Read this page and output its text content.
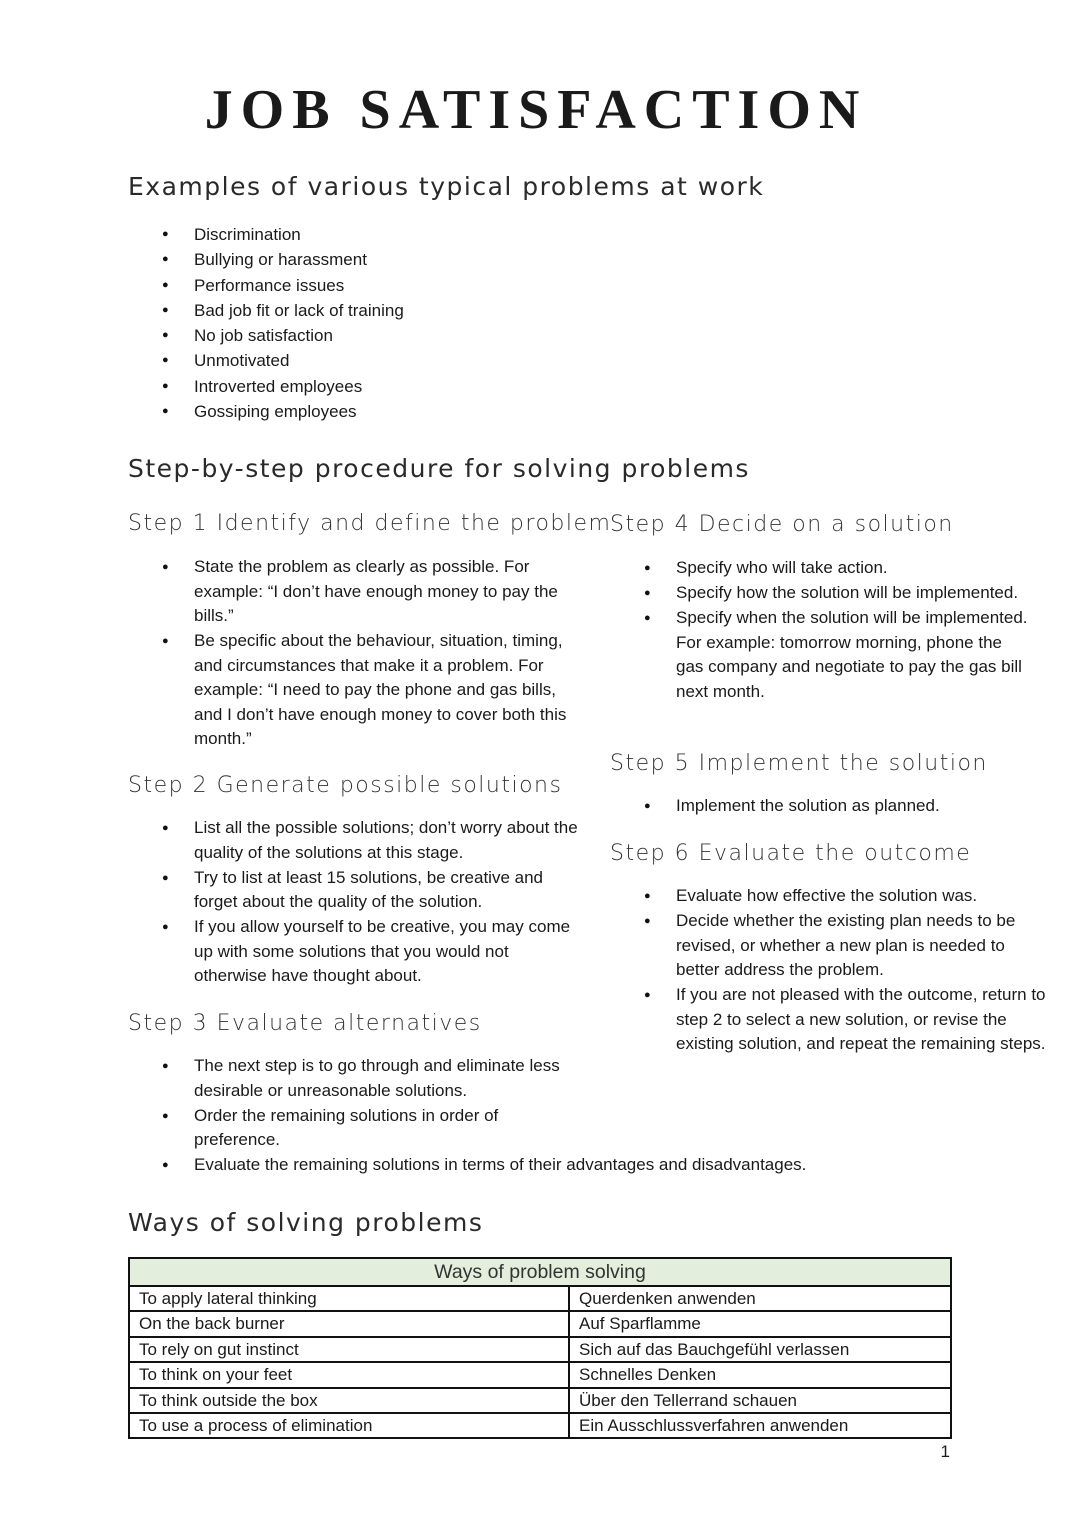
JOB SATISFACTION
Examples of various typical problems at work
● Discrimination
● Bullying or harassment
● Performance issues
● Bad job fit or lack of training
● No job satisfaction
● Unmotivated
● Introverted employees
● Gossiping employees
Step-by-step procedure for solving problems
Step 1 Identify and define the problem
● State the problem as clearly as possible. For example: “I don’t have enough money to pay the bills.”
● Be specific about the behaviour, situation, timing, and circumstances that make it a problem. For example: “I need to pay the phone and gas bills, and I don’t have enough money to cover both this month.”
Step 2 Generate possible solutions
● List all the possible solutions; don’t worry about the quality of the solutions at this stage.
● Try to list at least 15 solutions, be creative and forget about the quality of the solution.
● If you allow yourself to be creative, you may come up with some solutions that you would not otherwise have thought about.
Step 3 Evaluate alternatives
● The next step is to go through and eliminate less desirable or unreasonable solutions.
● Order the remaining solutions in order of preference.
● Evaluate the remaining solutions in terms of their advantages and disadvantages.
Step 4 Decide on a solution
● Specify who will take action.
● Specify how the solution will be implemented.
● Specify when the solution will be implemented. For example: tomorrow morning, phone the gas company and negotiate to pay the gas bill next month.
Step 5 Implement the solution
● Implement the solution as planned.
Step 6 Evaluate the outcome
● Evaluate how effective the solution was.
● Decide whether the existing plan needs to be revised, or whether a new plan is needed to better address the problem.
● If you are not pleased with the outcome, return to step 2 to select a new solution, or revise the existing solution, and repeat the remaining steps.
Ways of solving problems
Ways of problem solving	
To apply lateral thinking	Querdenken anwenden
On the back burner	Auf Sparflamme
To rely on gut instinct	Sich auf das Bauchgefühl verlassen
To think on your feet	Schnelles Denken
To think outside the box	Über den Tellerrand schauen
To use a process of elimination	Ein Ausschlussverfahren anwenden
1
